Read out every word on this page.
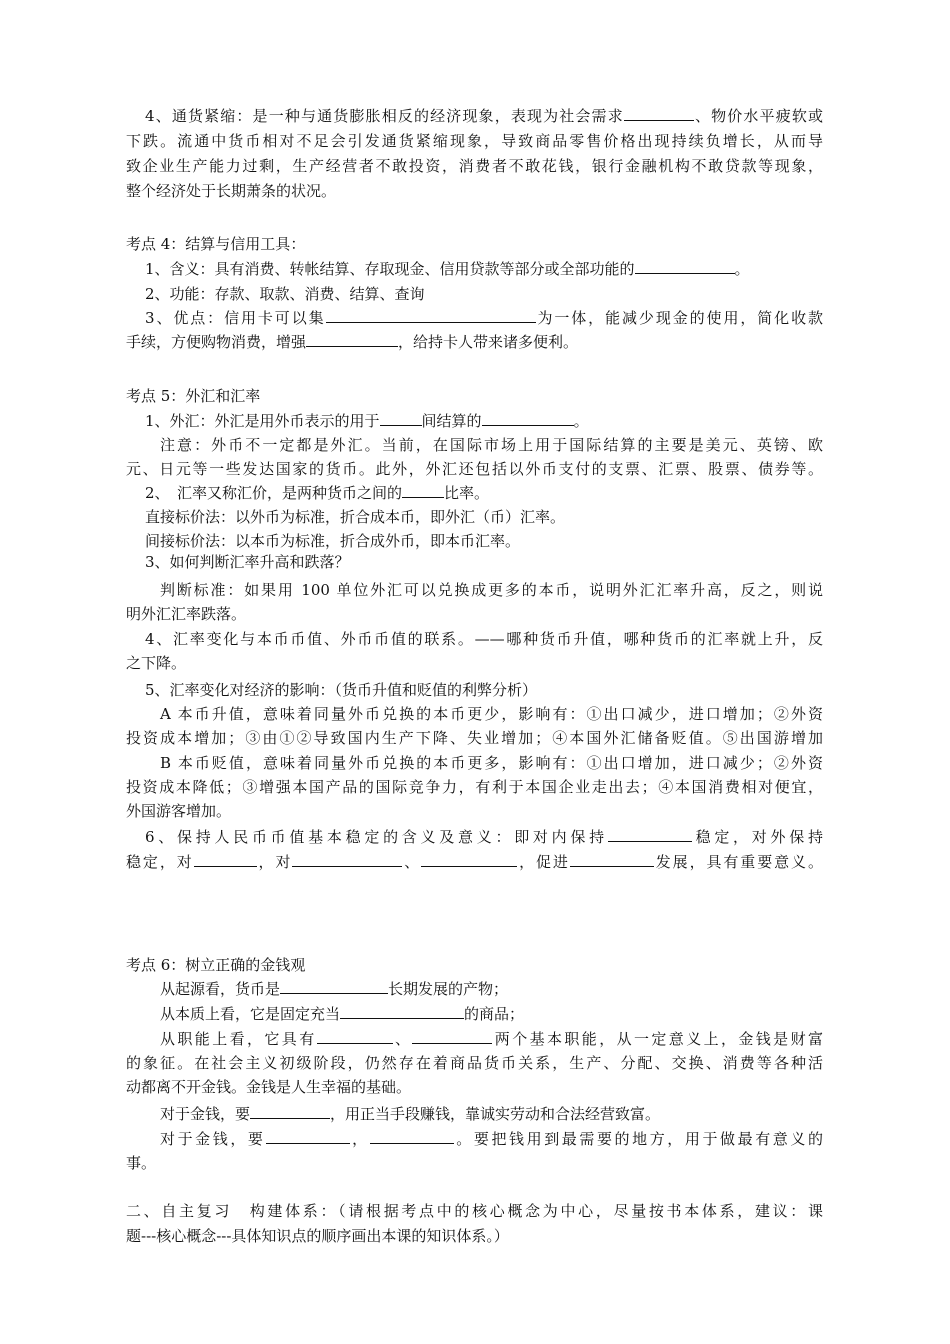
4、通货紧缩：是一种与通货膨胀相反的经济现象，表现为社会需求	、物价水平疲软或
下跌。流通中货币相对不足会引发通货紧缩现象，导致商品零售价格出现持续负增长，从而导
致企业生产能力过剩，生产经营者不敢投资，消费者不敢花钱，银行金融机构不敢贷款等现象，
整个经济处于长期萧条的状况。
考点 4：结算与信用工具：
1、含义：具有消费、转帐结算、存取现金、信用贷款等部分或全部功能的	。
2、功能：存款、取款、消费、结算、查询
3、优点：信用卡可以集	为一体，能减少现金的使用，简化收款
手续，方便购物消费，增强	，给持卡人带来诸多便利。
考点 5：外汇和汇率
1、外汇：外汇是用外币表示的用于	间结算的	。
注意：外币不一定都是外汇。当前，在国际市场上用于国际结算的主要是美元、英镑、欧
元、日元等一些发达国家的货币。此外，外汇还包括以外币支付的支票、汇票、股票、债券等。
2、　汇率又称汇价，是两种货币之间的	比率。
直接标价法：以外币为标准，折合成本币，即外汇（币）汇率。
间接标价法：以本币为标准，折合成外币，即本币汇率。
3、如何判断汇率升高和跌落？
判断标准：如果用 100 单位外汇可以兑换成更多的本币，说明外汇汇率升高，反之，则说
明外汇汇率跌落。
4、汇率变化与本币币值、外币币值的联系。——哪种货币升值，哪种货币的汇率就上升，反
之下降。
5、汇率变化对经济的影响：（货币升值和贬值的利弊分析）
A 本币升值，意味着同量外币兑换的本币更少，影响有：①出口减少，进口增加；②外资
投资成本增加；③由①②导致国内生产下降、失业增加；④本国外汇储备贬值。⑤出国游增加
B 本币贬值，意味着同量外币兑换的本币更多，影响有：①出口增加，进口减少；②外资
投资成本降低；③增强本国产品的国际竞争力，有利于本国企业走出去；④本国消费相对便宜，
外国游客增加。
6、保持人民币币值基本稳定的含义及意义：即对内保持	稳定，对外保持
稳定，对	，对	、	，促进	发展，具有重要意义。
考点 6：树立正确的金钱观
从起源看，货币是	长期发展的产物；
从本质上看，它是固定充当	的商品；
从职能上看，它具有	、	两个基本职能，从一定意义上，金钱是财富
的象征。在社会主义初级阶段，仍然存在着商品货币关系，生产、分配、交换、消费等各种活
动都离不开金钱。金钱是人生幸福的基础。
对于金钱，要	，用正当手段赚钱，靠诚实劳动和合法经营致富。
对于金钱，要	，	。要把钱用到最需要的地方，用于做最有意义的
事。
二、自主复习　构建体系：（请根据考点中的核心概念为中心，尽量按书本体系，建议：课
题---核心概念---具体知识点的顺序画出本课的知识体系。）
